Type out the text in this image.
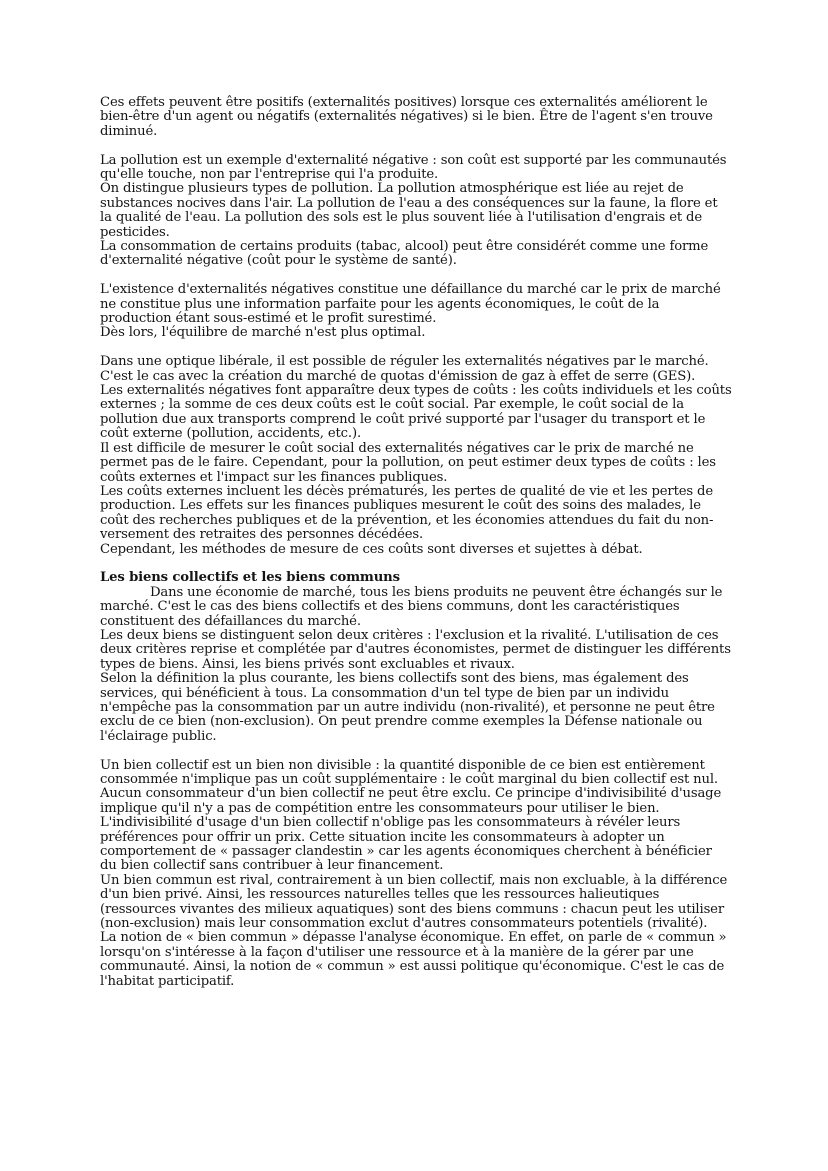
Ces effets peuvent être positifs (externalités positives) lorsque ces externalités améliorent le bien-être d'un agent ou négatifs (externalités négatives) si le bien. Être de l'agent s'en trouve diminué.

La pollution est un exemple d'externalité négative : son coût est supporté par les communautés qu'elle touche, non par l'entreprise qui l'a produite.

On distingue plusieurs types de pollution. La pollution atmosphérique est liée au rejet de substances nocives dans l'air. La pollution de l'eau a des conséquences sur la faune, la flore et la qualité de l'eau. La pollution des sols est le plus souvent liée à l'utilisation d'engrais et de pesticides.

La consommation de certains produits (tabac, alcool) peut être considérét comme une forme d'externalité négative (coût pour le système de santé).

L'existence d'externalités négatives constitue une défaillance du marché car le prix de marché ne constitue plus une information parfaite pour les agents économiques, le coût de la production étant sous-estimé et le profit surestimé.

Dès lors, l'équilibre de marché n'est plus optimal.

Dans une optique libérale, il est possible de réguler les externalités négatives par le marché. C'est le cas avec la création du marché de quotas d'émission de gaz à effet de serre (GES).

Les externalités négatives font apparaître deux types de coûts : les coûts individuels et les coûts externes ; la somme de ces deux coûts est le coût social. Par exemple, le coût social de la pollution due aux transports comprend le coût privé supporté par l'usager du transport et le coût externe (pollution, accidents, etc.).

Il est difficile de mesurer le coût social des externalités négatives car le prix de marché ne permet pas de le faire. Cependant, pour la pollution, on peut estimer deux types de coûts : les coûts externes et l'impact sur les finances publiques.

Les coûts externes incluent les décès prématurés, les pertes de qualité de vie et les pertes de production. Les effets sur les finances publiques mesurent le coût des soins des malades, le coût des recherches publiques et de la prévention, et les économies attendues du fait du non-versement des retraites des personnes décédées.

Cependant, les méthodes de mesure de ces coûts sont diverses et sujettes à débat.

Les biens collectifs et les biens communs

Dans une économie de marché, tous les biens produits ne peuvent être échangés sur le marché. C'est le cas des biens collectifs et des biens communs, dont les caractéristiques constituent des défaillances du marché.

Les deux biens se distinguent selon deux critères : l'exclusion et la rivalité. L'utilisation de ces deux critères reprise et complétée par d'autres économistes, permet de distinguer les différents types de biens. Ainsi, les biens privés sont excluables et rivaux.

Selon la définition la plus courante, les biens collectifs sont des biens, mas également des services, qui bénéficient à tous. La consommation d'un tel type de bien par un individu n'empêche pas la consommation par un autre individu (non-rivalité), et personne ne peut être exclu de ce bien (non-exclusion). On peut prendre comme exemples la Défense nationale ou l'éclairage public.

Un bien collectif est un bien non divisible : la quantité disponible de ce bien est entièrement consommée n'implique pas un coût supplémentaire : le coût marginal du bien collectif est nul.

Aucun consommateur d'un bien collectif ne peut être exclu. Ce principe d'indivisibilité d'usage implique qu'il n'y a pas de compétition entre les consommateurs pour utiliser le bien. L'indivisibilité d'usage d'un bien collectif n'oblige pas les consommateurs à révéler leurs préférences pour offrir un prix. Cette situation incite les consommateurs à adopter un comportement de « passager clandestin » car les agents économiques cherchent à bénéficier du bien collectif sans contribuer à leur financement.

Un bien commun est rival, contrairement à un bien collectif, mais non excluable, à la différence d'un bien privé. Ainsi, les ressources naturelles telles que les ressources halieutiques (ressources vivantes des milieux aquatiques) sont des biens communs : chacun peut les utiliser (non-exclusion) mais leur consommation exclut d'autres consommateurs potentiels (rivalité).

La notion de « bien commun » dépasse l'analyse économique. En effet, on parle de « commun » lorsqu'on s'intéresse à la façon d'utiliser une ressource et à la manière de la gérer par une communauté. Ainsi, la notion de « commun » est aussi politique qu'économique. C'est le cas de l'habitat participatif.
